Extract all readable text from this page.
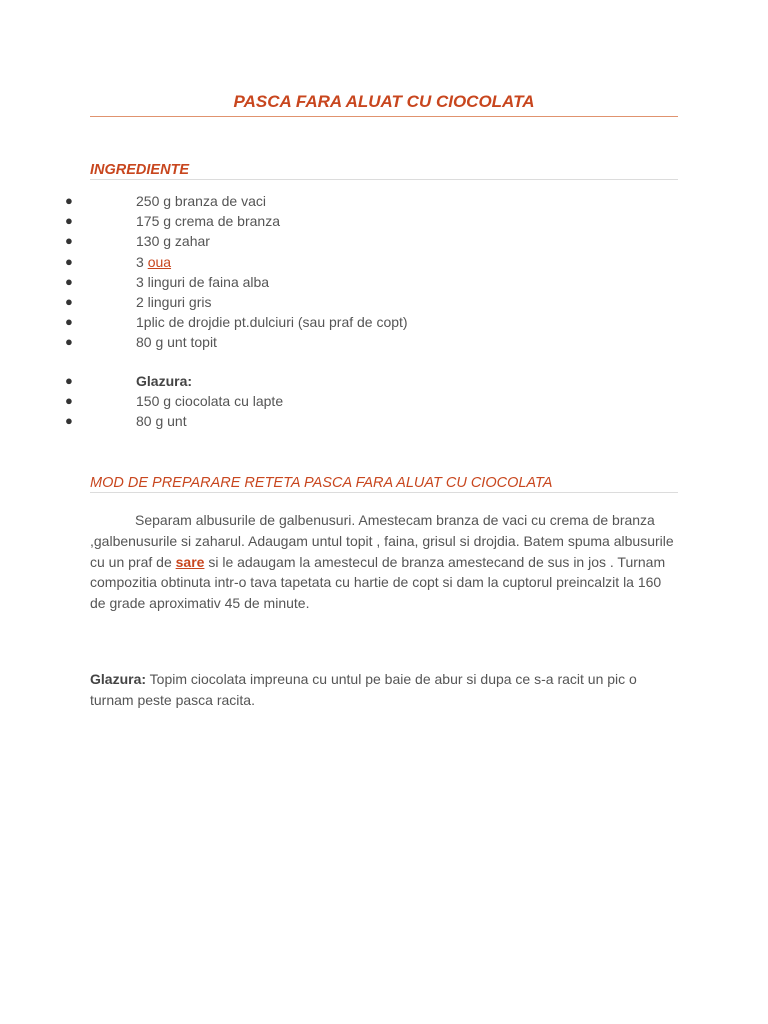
PASCA FARA ALUAT CU CIOCOLATA
INGREDIENTE
●	250 g branza de vaci
●	175 g crema de branza
●	130 g zahar
●	3 oua
●	3 linguri de faina alba
●	2 linguri gris
●	1plic de drojdie pt.dulciuri (sau praf de copt)
●	80 g unt topit
●	Glazura:
●	150 g ciocolata cu lapte
●	80 g unt
MOD DE PREPARARE RETETA PASCA FARA ALUAT CU CIOCOLATA
Separam albusurile de galbenusuri. Amestecam branza de vaci cu crema de branza ,galbenusurile si zaharul. Adaugam untul topit , faina, grisul si drojdia. Batem spuma albusurile cu un praf de sare si le adaugam la amestecul de branza amestecand de sus in jos . Turnam compozitia obtinuta intr-o tava tapetata cu hartie de copt si dam la cuptorul preincalzit la 160 de grade aproximativ 45 de minute.
Glazura: Topim ciocolata impreuna cu untul pe baie de abur si dupa ce s-a racit un pic o turnam peste pasca racita.
